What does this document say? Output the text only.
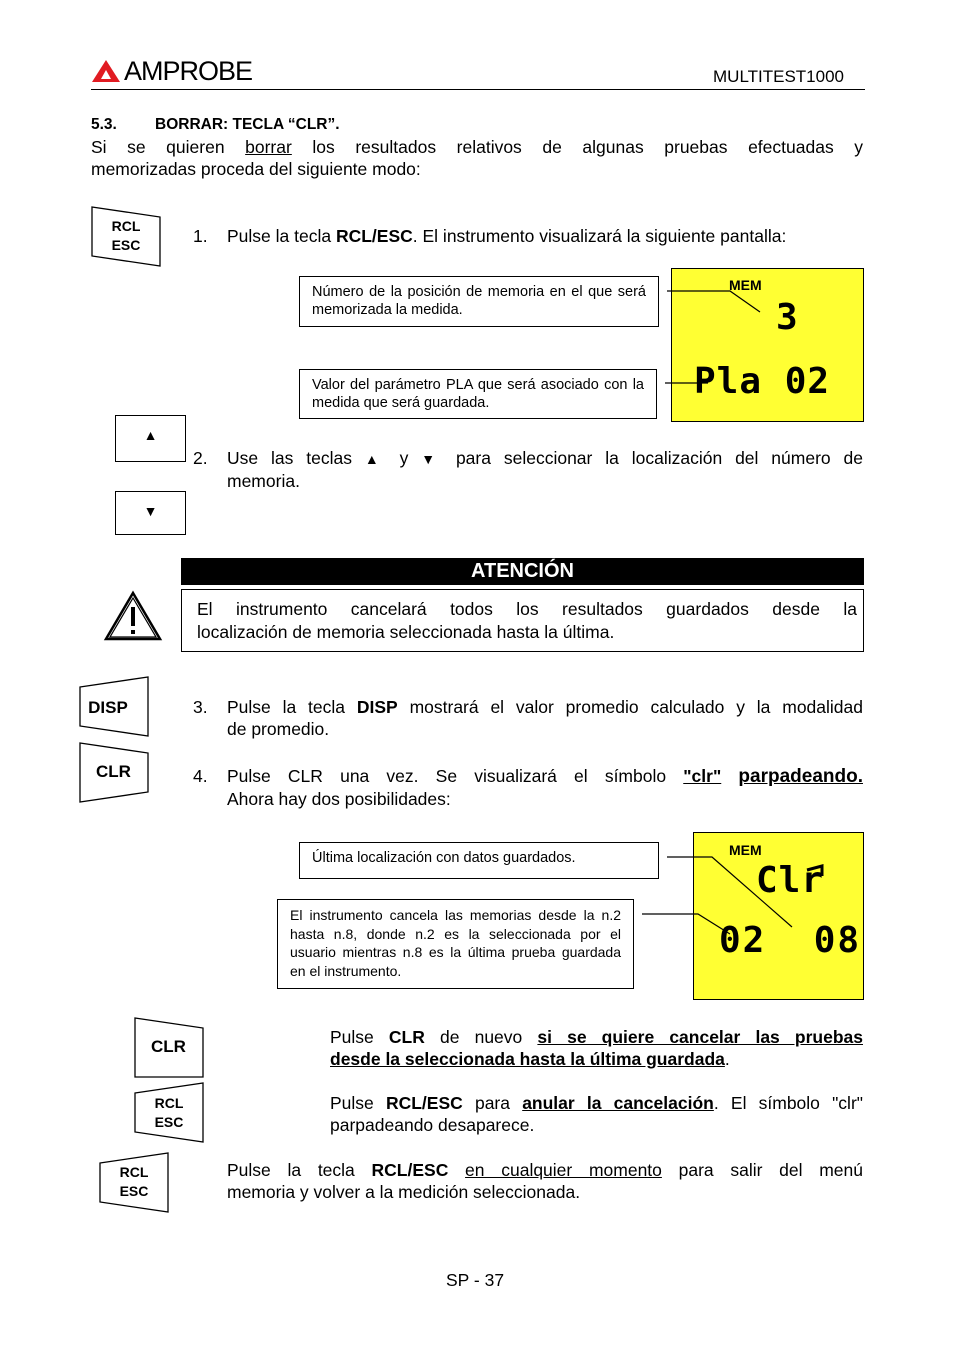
AMPROBE	MULTITEST1000
5.3. BORRAR: TECLA “CLR”.
Si se quieren borrar los resultados relativos de algunas pruebas efectuadas y
memorizadas proceda del siguiente modo:
RCL
ESC	1. Pulse la tecla RCL/ESC. El instrumento visualizará la siguiente pantalla:
Número de la posición de memoria en el que será memorizada la medida.
Valor del parámetro PLA que será asociado con la medida que será guardada.
MEM
3
Pla 02
▲
▼
2. Use las teclas ▲ y ▼ para seleccionar la localización del número de
memoria.
ATENCIÓN
El instrumento cancelará todos los resultados guardados desde la
localización de memoria seleccionada hasta la última.
DISP
CLR
3. Pulse la tecla DISP mostrará el valor promedio calculado y la modalidad
de promedio.
4. Pulse CLR una vez. Se visualizará el símbolo "clr" parpadeando.
Ahora hay dos posibilidades:
Última localización con datos guardados.
El instrumento cancela las memorias desde la n.2 hasta n.8, donde n.2 es la seleccionada por el usuario mientras n.8 es la última prueba guardada en el instrumento.
MEM
Clr
02  08
CLR	Pulse CLR de nuevo si se quiere cancelar las pruebas
desde la seleccionada hasta la última guardada.
RCL
ESC
Pulse RCL/ESC para anular la cancelación. El símbolo "clr"
parpadeando desaparece.
RCL
ESC
Pulse la tecla RCL/ESC en cualquier momento para salir del menú
memoria y volver a la medición seleccionada.
SP - 37
